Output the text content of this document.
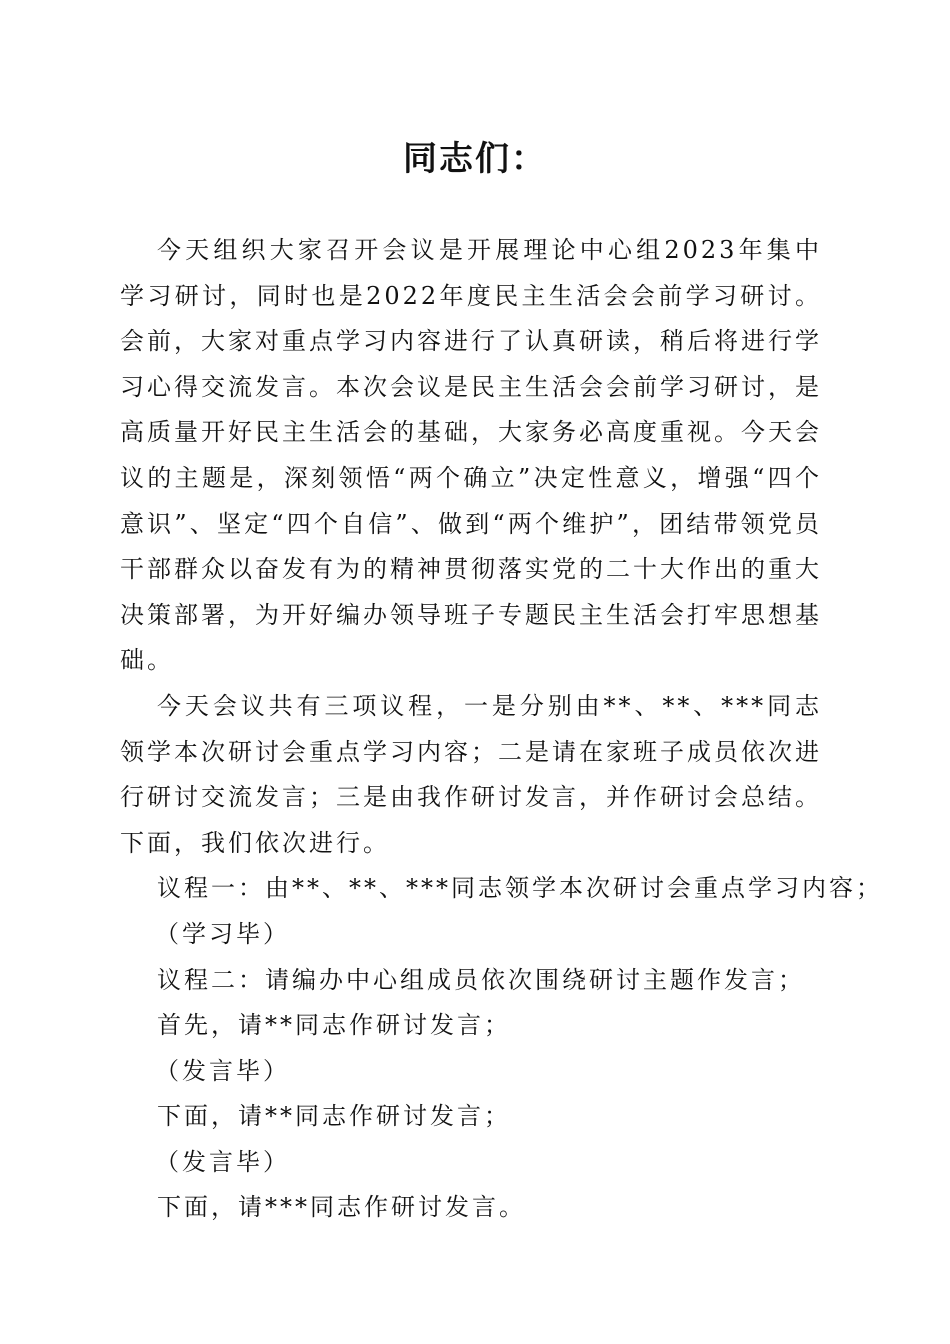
同志们：

今天组织大家召开会议是开展理论中心组2023年集中学习研讨，同时也是2022年度民主生活会会前学习研讨。会前，大家对重点学习内容进行了认真研读，稍后将进行学习心得交流发言。本次会议是民主生活会会前学习研讨，是高质量开好民主生活会的基础，大家务必高度重视。今天会议的主题是，深刻领悟“两个确立”决定性意义，增强“四个意识”、坚定“四个自信”、做到“两个维护”，团结带领党员干部群众以奋发有为的精神贯彻落实党的二十大作出的重大决策部署，为开好编办领导班子专题民主生活会打牢思想基础。

今天会议共有三项议程，一是分别由**、**、***同志领学本次研讨会重点学习内容；二是请在家班子成员依次进行研讨交流发言；三是由我作研讨发言，并作研讨会总结。下面，我们依次进行。

议程一：由**、**、***同志领学本次研讨会重点学习内容；

（学习毕）

议程二：请编办中心组成员依次围绕研讨主题作发言；

首先，请**同志作研讨发言；

（发言毕）

下面，请**同志作研讨发言；

（发言毕）

下面，请***同志作研讨发言。
